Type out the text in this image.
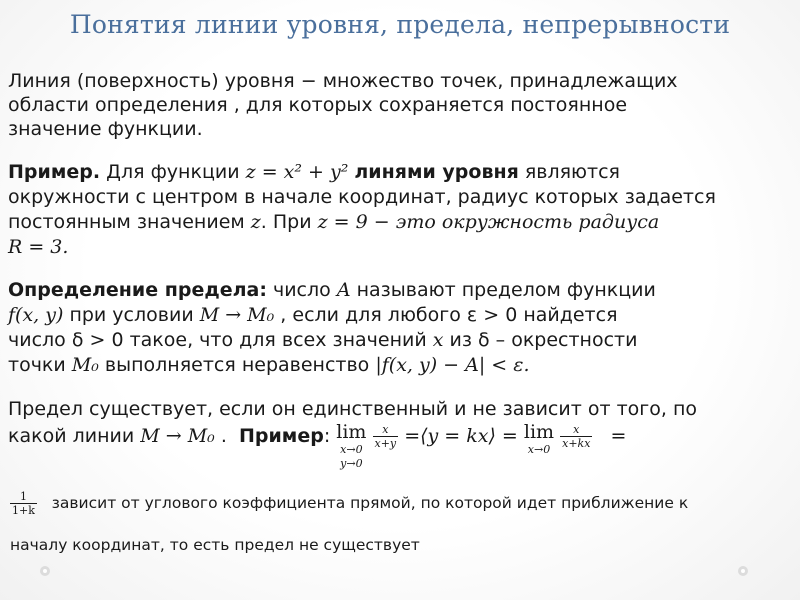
Понятия линии уровня, предела, непрерывности
Линия (поверхность) уровня − множество точек, принадлежащих
области определения , для которых сохраняется постоянное
значение функции.
Пример. Для функции z = x² + y² линями уровня являются
окружности с центром в начале координат, радиус которых задается
постоянным значением z. При z = 9 − это окружность радиуса
R = 3.
Определение предела: число A называют пределом функции
f(x, y) при условии M → M₀ , если для любого ε > 0 найдется
число δ > 0 такое, что для всех значений x из δ – окрестности
точки M₀ выполняется неравенство |f(x, y) − A| < ε.
Предел существует, если он единственный и не зависит от того, по
какой линии M → M₀ . Пример: lim
x→0
y→0

$\frac{x}{x+y}$ =⟨y = kx⟩ = lim
x→0
$\frac{x}{x+kx}$ =
$\frac{1}{1+k}$ зависит от углового коэффициента прямой, по которой идет приближение к
началу координат, то есть предел не существует
